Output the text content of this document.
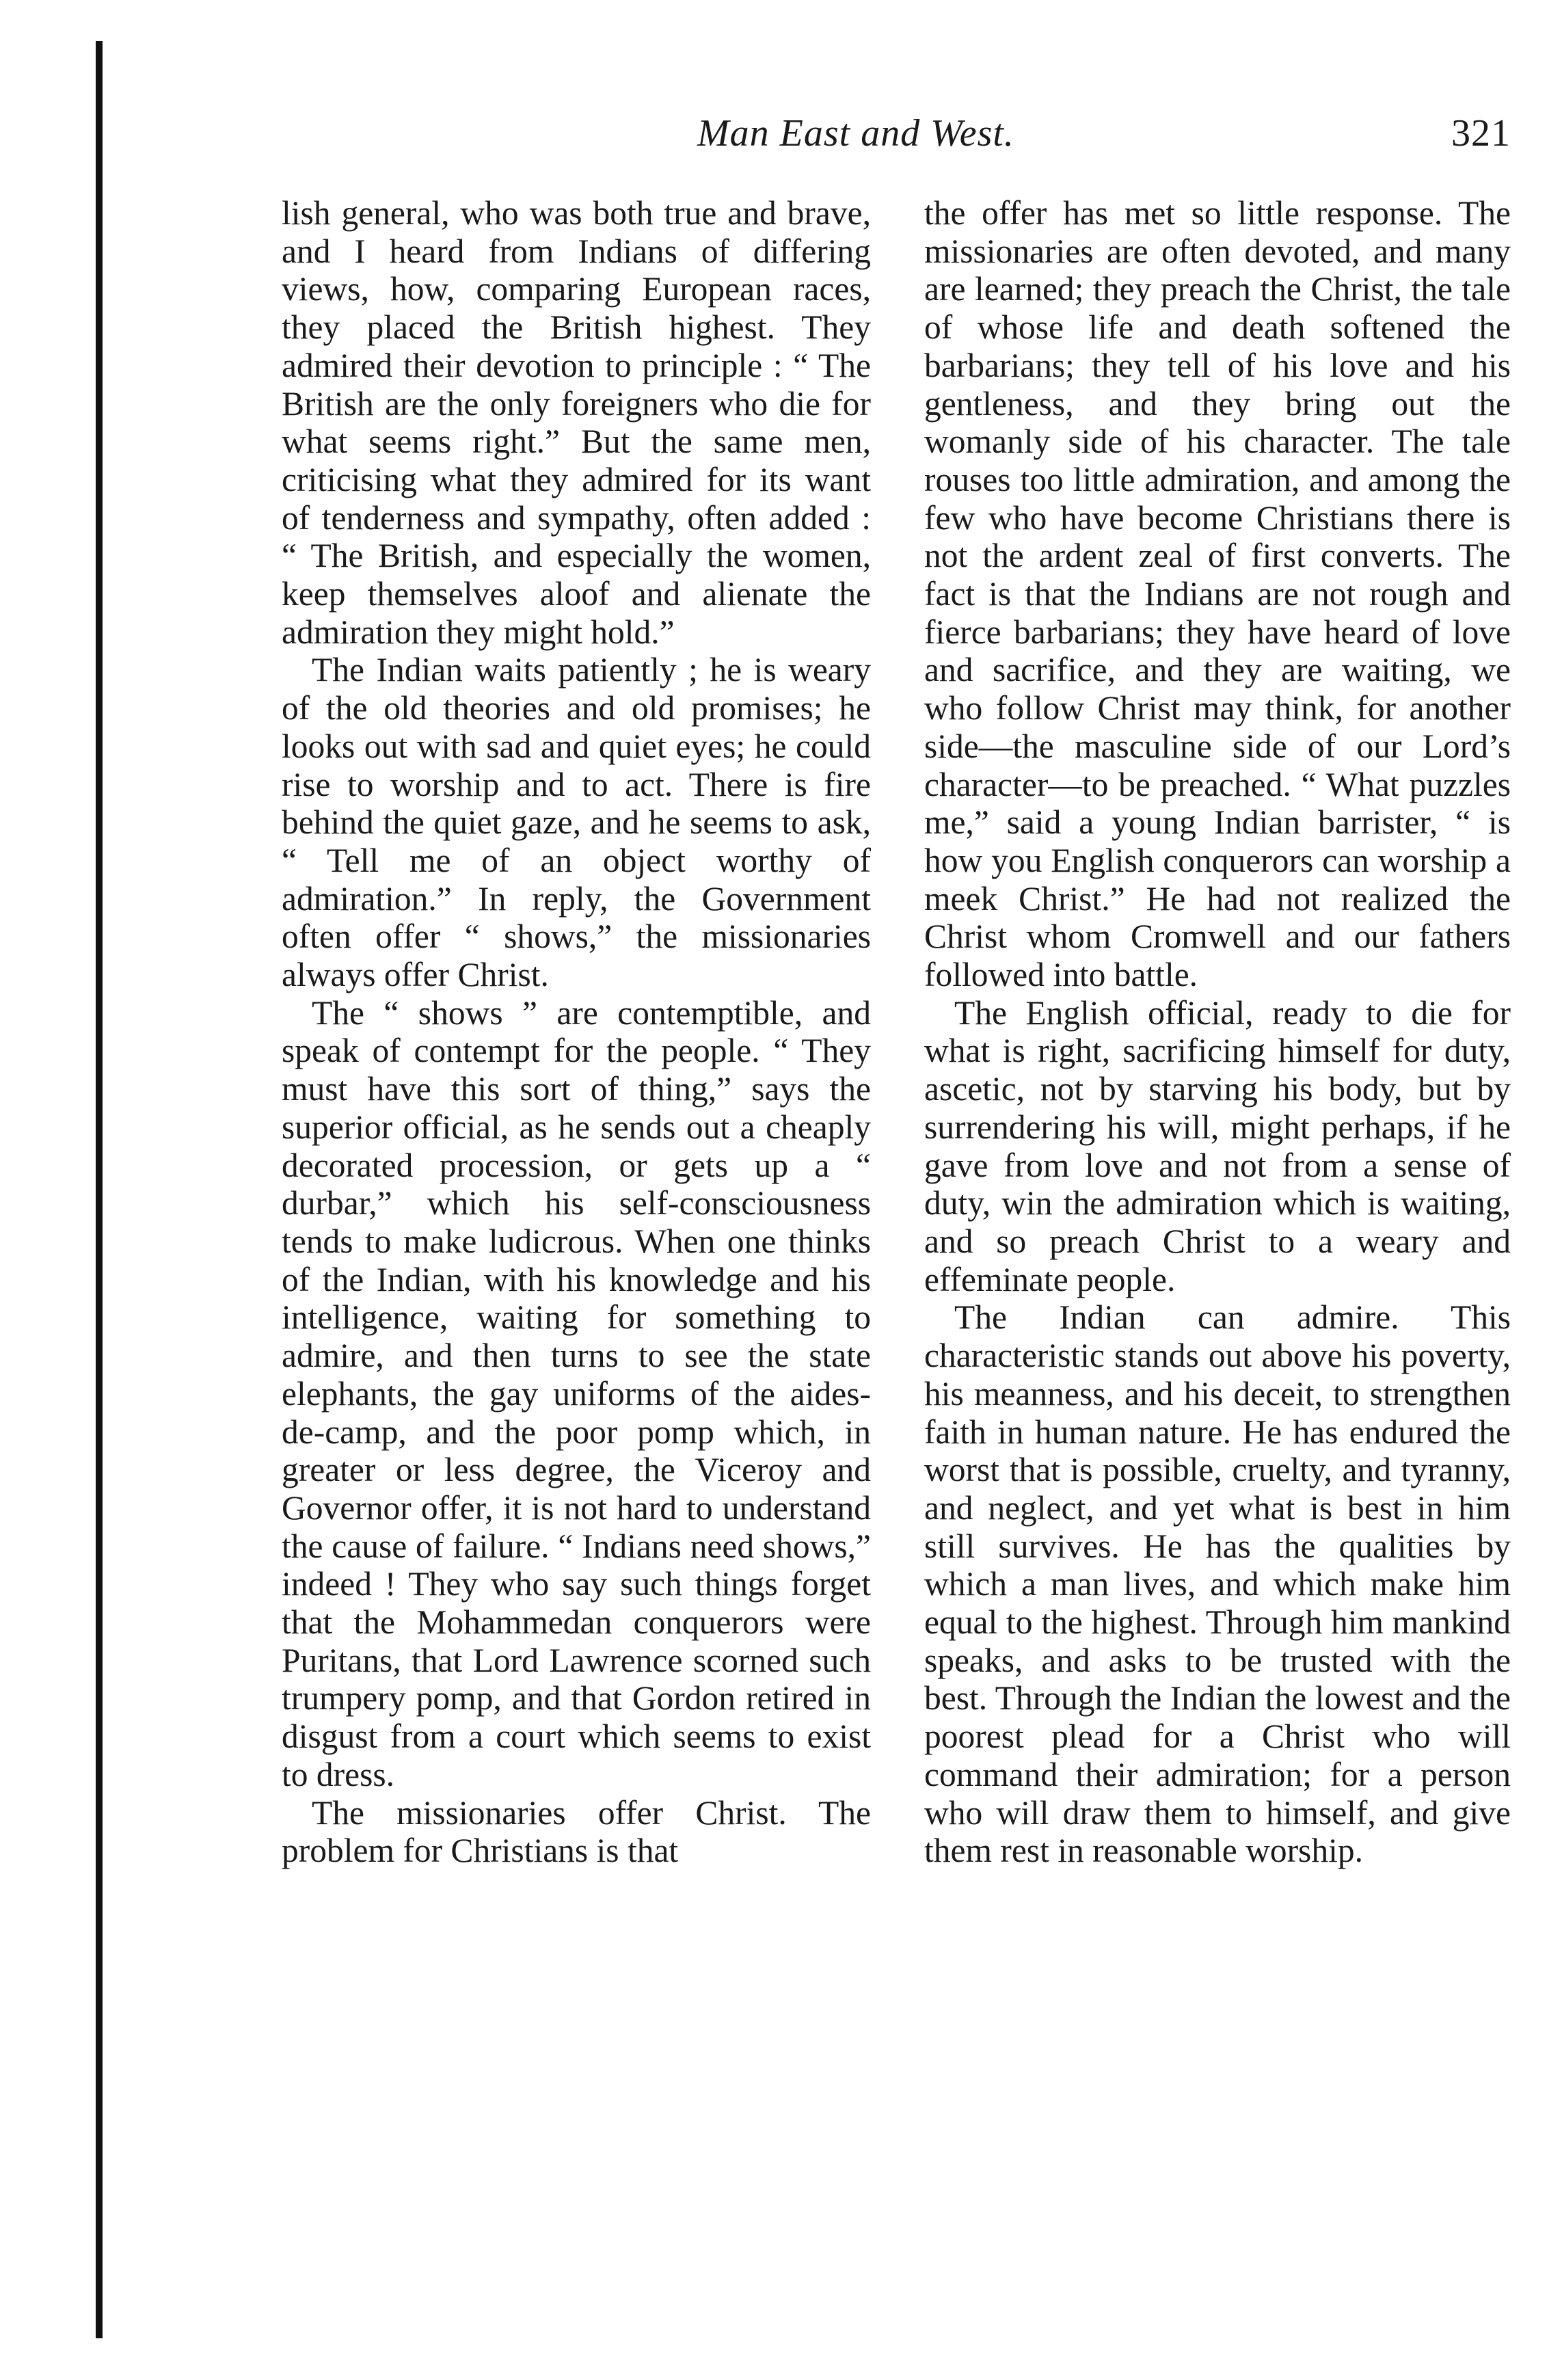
Man East and West.	321

lish general, who was both true and brave, and I heard from Indians of differing views, how, comparing European races, they placed the British highest. They admired their devotion to principle : “ The British are the only foreigners who die for what seems right.” But the same men, criticising what they admired for its want of tenderness and sympathy, often added : “ The British, and especially the women, keep themselves aloof and alienate the admiration they might hold.”

The Indian waits patiently ; he is weary of the old theories and old promises; he looks out with sad and quiet eyes; he could rise to worship and to act. There is fire behind the quiet gaze, and he seems to ask, “ Tell me of an object worthy of admiration.” In reply, the Government often offer “ shows,” the missionaries always offer Christ.

The “ shows ” are contemptible, and speak of contempt for the people. “ They must have this sort of thing,” says the superior official, as he sends out a cheaply decorated procession, or gets up a “ durbar,” which his self-consciousness tends to make ludicrous. When one thinks of the Indian, with his knowledge and his intelligence, waiting for something to admire, and then turns to see the state elephants, the gay uniforms of the aides-de-camp, and the poor pomp which, in greater or less degree, the Viceroy and Governor offer, it is not hard to understand the cause of failure. “ Indians need shows,” indeed ! They who say such things forget that the Mohammedan conquerors were Puritans, that Lord Lawrence scorned such trumpery pomp, and that Gordon retired in disgust from a court which seems to exist to dress.

The missionaries offer Christ. The problem for Christians is that

the offer has met so little response. The missionaries are often devoted, and many are learned; they preach the Christ, the tale of whose life and death softened the barbarians; they tell of his love and his gentleness, and they bring out the womanly side of his character. The tale rouses too little admiration, and among the few who have become Christians there is not the ardent zeal of first converts. The fact is that the Indians are not rough and fierce barbarians; they have heard of love and sacrifice, and they are waiting, we who follow Christ may think, for another side—the masculine side of our Lord’s character—to be preached. “ What puzzles me,” said a young Indian barrister, “ is how you English conquerors can worship a meek Christ.” He had not realized the Christ whom Cromwell and our fathers followed into battle.

The English official, ready to die for what is right, sacrificing himself for duty, ascetic, not by starving his body, but by surrendering his will, might perhaps, if he gave from love and not from a sense of duty, win the admiration which is waiting, and so preach Christ to a weary and effeminate people.

The Indian can admire. This characteristic stands out above his poverty, his meanness, and his deceit, to strengthen faith in human nature. He has endured the worst that is possible, cruelty, and tyranny, and neglect, and yet what is best in him still survives. He has the qualities by which a man lives, and which make him equal to the highest. Through him mankind speaks, and asks to be trusted with the best. Through the Indian the lowest and the poorest plead for a Christ who will command their admiration; for a person who will draw them to himself, and give them rest in reasonable worship.
